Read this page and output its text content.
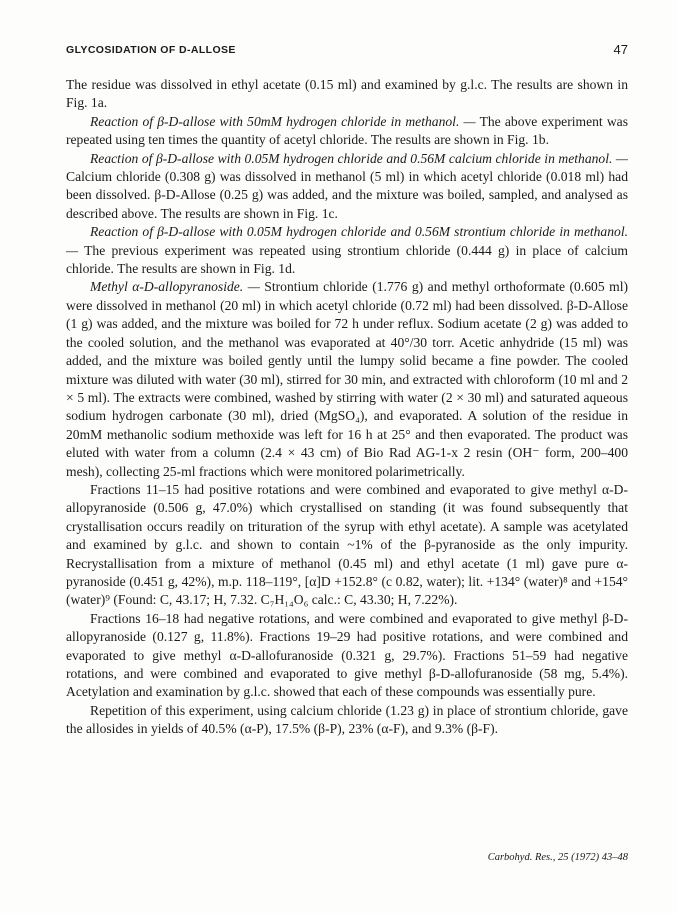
GLYCOSIDATION OF D-ALLOSE	47

The residue was dissolved in ethyl acetate (0.15 ml) and examined by g.l.c. The results are shown in Fig. 1a.

Reaction of β-D-allose with 50mM hydrogen chloride in methanol. — The above experiment was repeated using ten times the quantity of acetyl chloride. The results are shown in Fig. 1b.

Reaction of β-D-allose with 0.05M hydrogen chloride and 0.56M calcium chloride in methanol. — Calcium chloride (0.308 g) was dissolved in methanol (5 ml) in which acetyl chloride (0.018 ml) had been dissolved. β-D-Allose (0.25 g) was added, and the mixture was boiled, sampled, and analysed as described above. The results are shown in Fig. 1c.

Reaction of β-D-allose with 0.05M hydrogen chloride and 0.56M strontium chloride in methanol. — The previous experiment was repeated using strontium chloride (0.444 g) in place of calcium chloride. The results are shown in Fig. 1d.

Methyl α-D-allopyranoside. — Strontium chloride (1.776 g) and methyl orthoformate (0.605 ml) were dissolved in methanol (20 ml) in which acetyl chloride (0.72 ml) had been dissolved. β-D-Allose (1 g) was added, and the mixture was boiled for 72 h under reflux. Sodium acetate (2 g) was added to the cooled solution, and the methanol was evaporated at 40°/30 torr. Acetic anhydride (15 ml) was added, and the mixture was boiled gently until the lumpy solid became a fine powder. The cooled mixture was diluted with water (30 ml), stirred for 30 min, and extracted with chloroform (10 ml and 2 × 5 ml). The extracts were combined, washed by stirring with water (2 × 30 ml) and saturated aqueous sodium hydrogen carbonate (30 ml), dried (MgSO₄), and evaporated. A solution of the residue in 20mM methanolic sodium methoxide was left for 16 h at 25° and then evaporated. The product was eluted with water from a column (2.4 × 43 cm) of Bio Rad AG-1-x 2 resin (OH⁻ form, 200–400 mesh), collecting 25-ml fractions which were monitored polarimetrically.

Fractions 11–15 had positive rotations and were combined and evaporated to give methyl α-D-allopyranoside (0.506 g, 47.0%) which crystallised on standing (it was found subsequently that crystallisation occurs readily on trituration of the syrup with ethyl acetate). A sample was acetylated and examined by g.l.c. and shown to contain ~1% of the β-pyranoside as the only impurity. Recrystallisation from a mixture of methanol (0.45 ml) and ethyl acetate (1 ml) gave pure α-pyranoside (0.451 g, 42%), m.p. 118–119°, [α]D +152.8° (c 0.82, water); lit. +134° (water)⁸ and +154° (water)⁹ (Found: C, 43.17; H, 7.32. C₇H₁₄O₆ calc.: C, 43.30; H, 7.22%).

Fractions 16–18 had negative rotations, and were combined and evaporated to give methyl β-D-allopyranoside (0.127 g, 11.8%). Fractions 19–29 had positive rotations, and were combined and evaporated to give methyl α-D-allofuranoside (0.321 g, 29.7%). Fractions 51–59 had negative rotations, and were combined and evaporated to give methyl β-D-allofuranoside (58 mg, 5.4%). Acetylation and examination by g.l.c. showed that each of these compounds was essentially pure.

Repetition of this experiment, using calcium chloride (1.23 g) in place of strontium chloride, gave the allosides in yields of 40.5% (α-P), 17.5% (β-P), 23% (α-F), and 9.3% (β-F).

Carbohyd. Res., 25 (1972) 43–48
